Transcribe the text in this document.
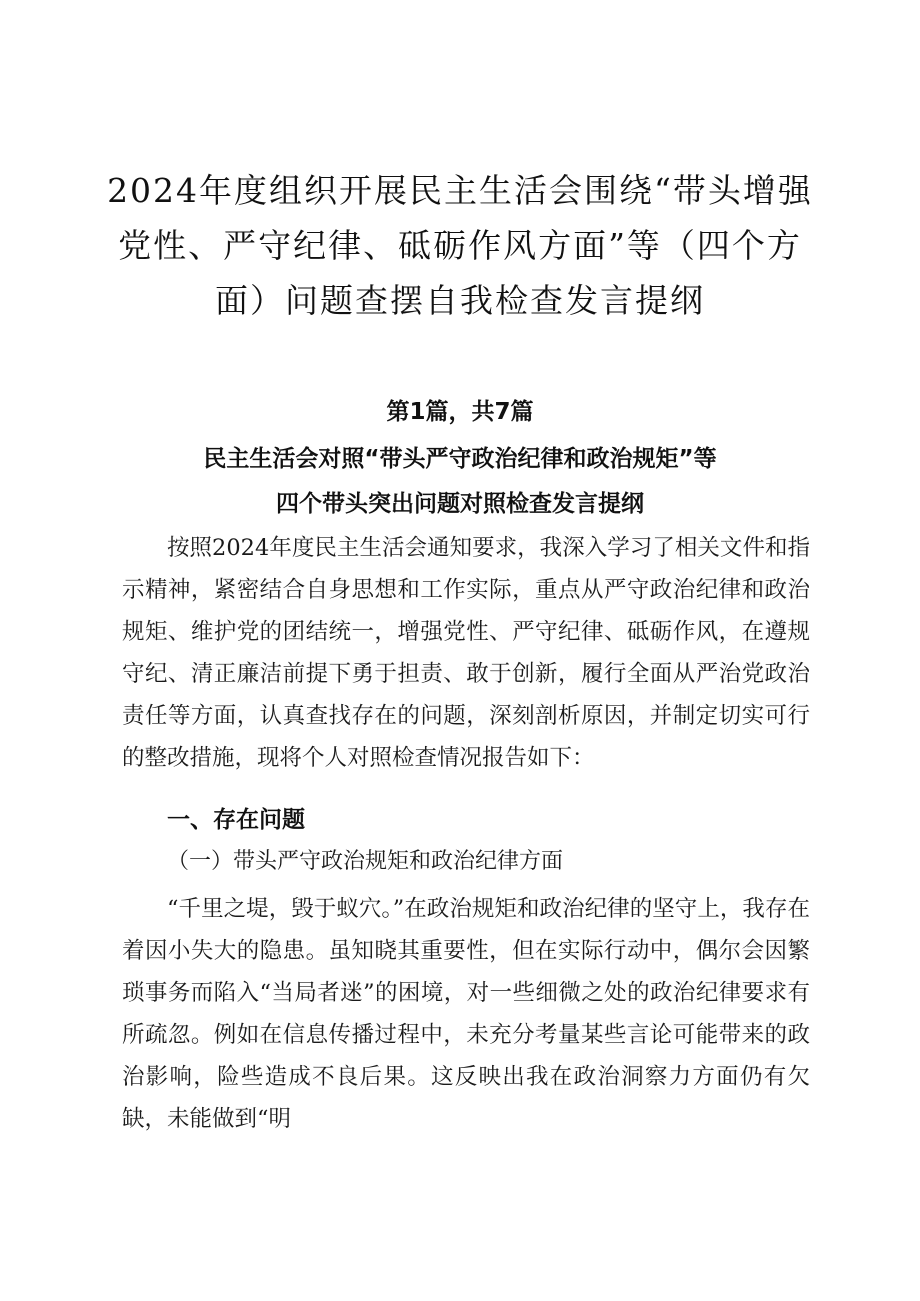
2024年度组织开展民主生活会围绕“带头增强党性、严守纪律、砥砺作风方面”等（四个方面）问题查摆自我检查发言提纲
第1篇，共7篇
民主生活会对照“带头严守政治纪律和政治规矩”等
四个带头突出问题对照检查发言提纲

按照2024年度民主生活会通知要求，我深入学习了相关文件和指示精神，紧密结合自身思想和工作实际，重点从严守政治纪律和政治规矩、维护党的团结统一，增强党性、严守纪律、砥砺作风，在遵规守纪、清正廉洁前提下勇于担责、敢于创新，履行全面从严治党政治责任等方面，认真查找存在的问题，深刻剖析原因，并制定切实可行的整改措施，现将个人对照检查情况报告如下：

一、存在问题
（一）带头严守政治规矩和政治纪律方面

“千里之堤，毁于蚁穴。”在政治规矩和政治纪律的坚守上，我存在着因小失大的隐患。虽知晓其重要性，但在实际行动中，偶尔会因繁琐事务而陷入“当局者迷”的困境，对一些细微之处的政治纪律要求有所疏忽。例如在信息传播过程中，未充分考量某些言论可能带来的政治影响，险些造成不良后果。这反映出我在政治洞察力方面仍有欠缺，未能做到“明
